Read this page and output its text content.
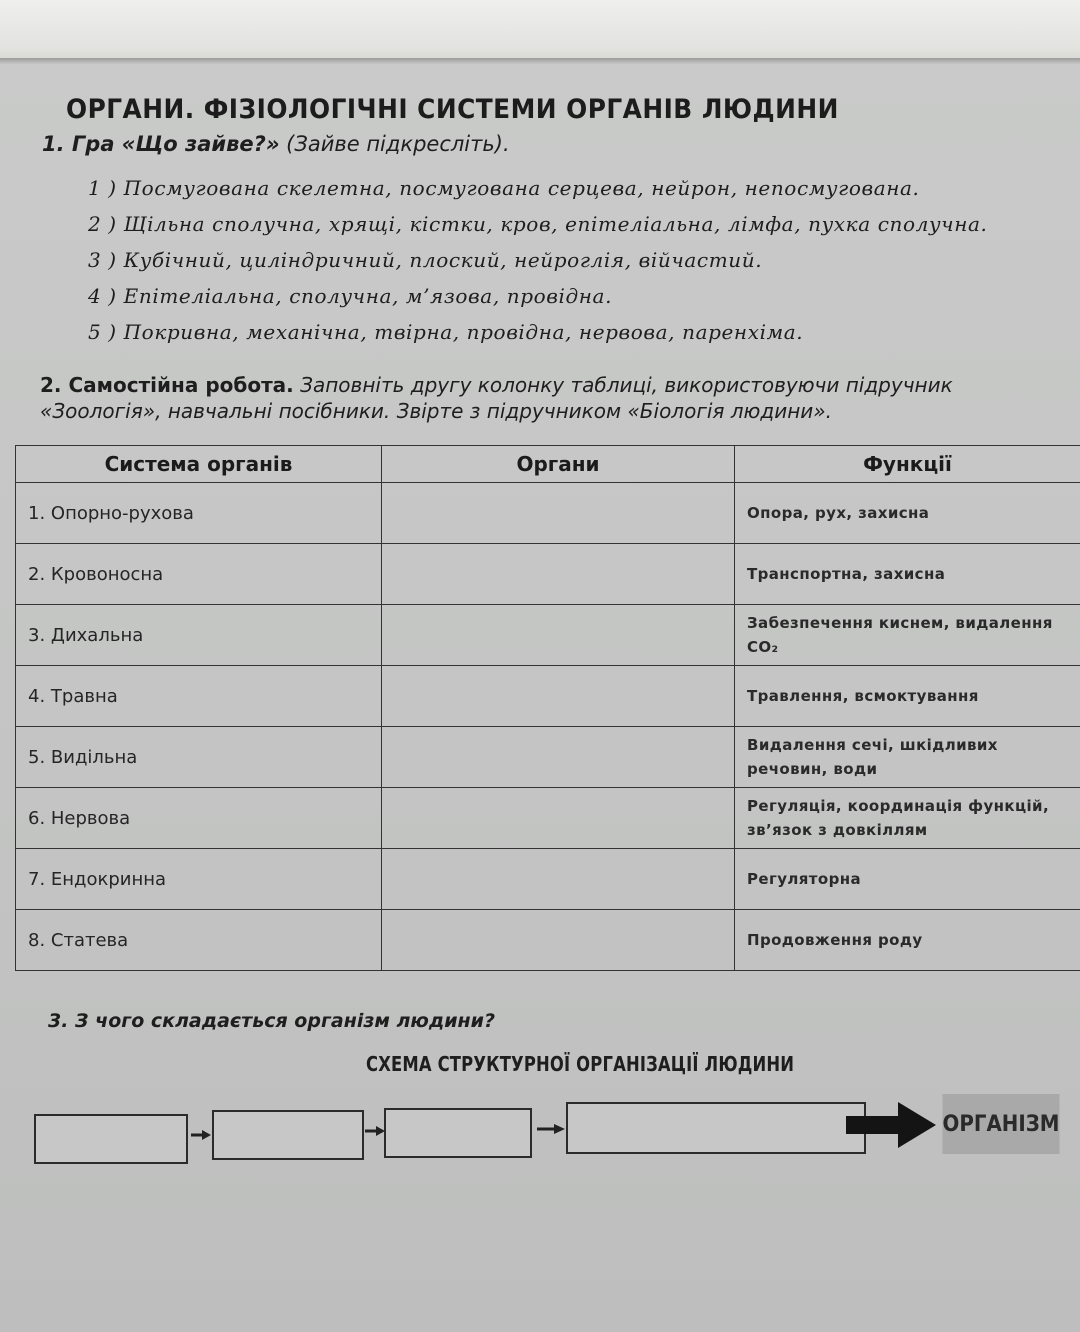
ОРГАНИ. ФІЗІОЛОГІЧНІ СИСТЕМИ ОРГАНІВ ЛЮДИНИ
1. Гра «Що зайве?» (Зайве підкресліть).
1 ) Посмугована скелетна, посмугована серцева, нейрон, непосмугована.
2 ) Щільна сполучна, хрящі, кістки, кров, епітеліальна, лімфа, пухка сполучна.
3 ) Кубічний, циліндричний, плоский, нейроглія, війчастий.
4 ) Епітеліальна, сполучна, м’язова, провідна.
5 ) Покривна, механічна, твірна, провідна, нервова, паренхіма.
2. Самостійна робота. Заповніть другу колонку таблиці, використовуючи підручник
«Зоологія», навчальні посібники. Звірте з підручником «Біологія людини».
Система органів	Органи	Функції
1. Опорно-рухова		Опора, рух, захисна
2. Кровоносна		Транспортна, захисна
3. Дихальна		Забезпечення киснем, видалення CO₂
4. Травна		Травлення, всмоктування
5. Видільна		Видалення сечі, шкідливих речовин, води
6. Нервова		Регуляція, координація функцій, зв’язок з довкіллям
7. Ендокринна		Регуляторна
8. Статева		Продовження роду
3. З чого складається організм людини?
СХЕМА СТРУКТУРНОЇ ОРГАНІЗАЦІЇ ЛЮДИНИ
ОРГАНІЗМ
